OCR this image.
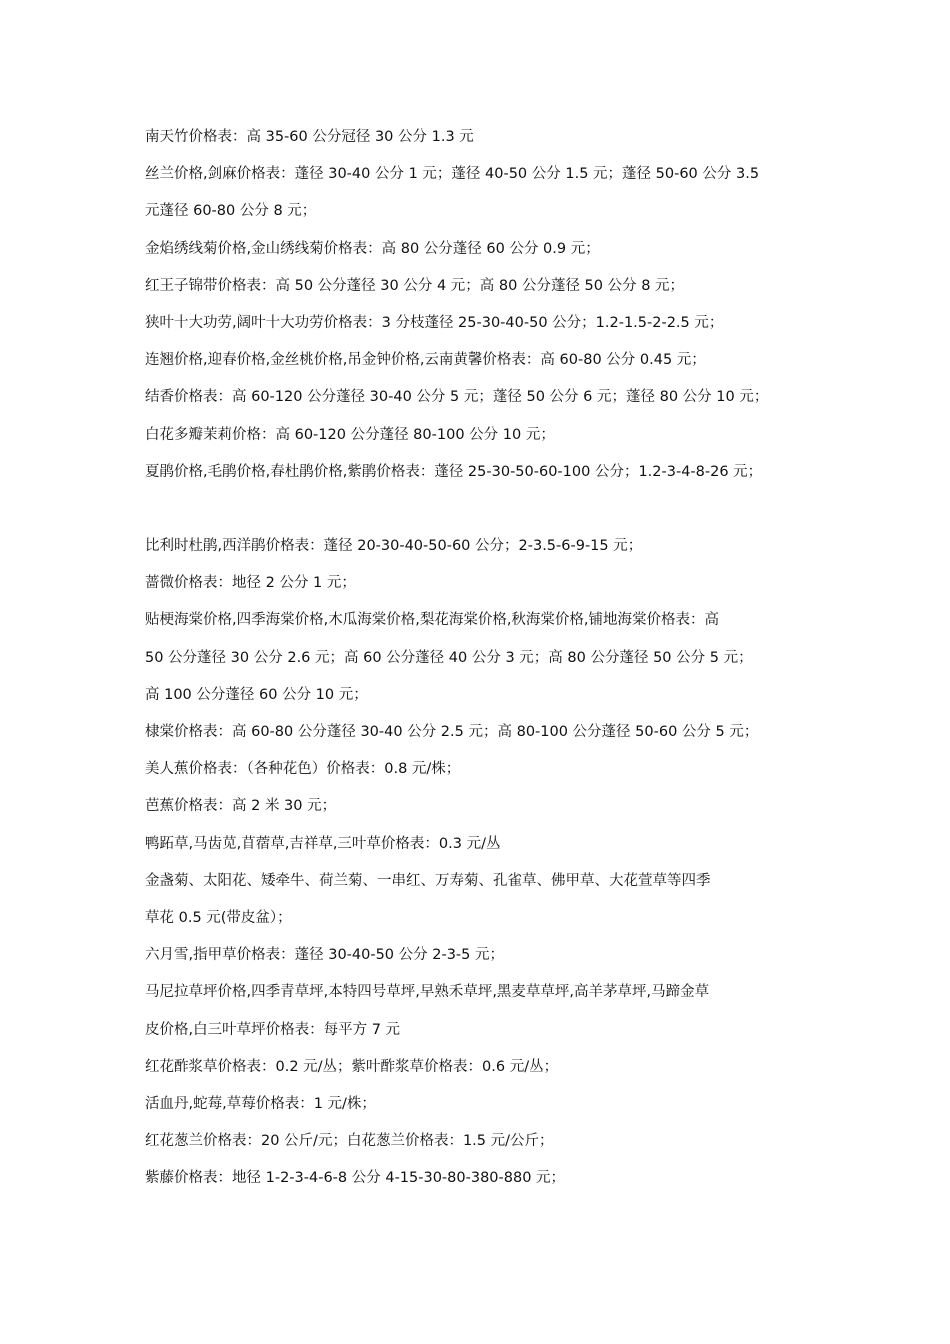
南天竹价格表：高 35-60 公分冠径 30 公分 1.3 元
丝兰价格,剑麻价格表：蓬径 30-40 公分 1 元；蓬径 40-50 公分 1.5 元；蓬径 50-60 公分 3.5
元蓬径 60-80 公分 8 元；
金焰绣线菊价格,金山绣线菊价格表：高 80 公分蓬径 60 公分 0.9 元；
红王子锦带价格表：高 50 公分蓬径 30 公分 4 元；高 80 公分蓬径 50 公分 8 元；
狭叶十大功劳,阔叶十大功劳价格表：3 分枝蓬径 25-30-40-50 公分；1.2-1.5-2-2.5 元；
连翘价格,迎春价格,金丝桃价格,吊金钟价格,云南黄馨价格表：高 60-80 公分 0.45 元；
结香价格表：高 60-120 公分蓬径 30-40 公分 5 元；蓬径 50 公分 6 元；蓬径 80 公分 10 元；
白花多瓣茉莉价格：高 60-120 公分蓬径 80-100 公分 10 元；
夏鹃价格,毛鹃价格,春杜鹃价格,紫鹃价格表：蓬径 25-30-50-60-100 公分；1.2-3-4-8-26 元；
比利时杜鹃,西洋鹃价格表：蓬径 20-30-40-50-60 公分；2-3.5-6-9-15 元；
蔷微价格表：地径 2 公分 1 元；
贴梗海棠价格,四季海棠价格,木瓜海棠价格,梨花海棠价格,秋海棠价格,铺地海棠价格表：高
50 公分蓬径 30 公分 2.6 元；高 60 公分蓬径 40 公分 3 元；高 80 公分蓬径 50 公分 5 元；
高 100 公分蓬径 60 公分 10 元；
棣棠价格表：高 60-80 公分蓬径 30-40 公分 2.5 元；高 80-100 公分蓬径 50-60 公分 5 元；
美人蕉价格表：（各种花色）价格表：0.8 元/株；
芭蕉价格表：高 2 米 30 元；
鸭跖草,马齿苋,苜蓿草,吉祥草,三叶草价格表：0.3 元/丛
金盏菊、太阳花、矮牵牛、荷兰菊、一串红、万寿菊、孔雀草、佛甲草、大花萱草等四季
草花 0.5 元(带皮盆）；
六月雪,指甲草价格表：蓬径 30-40-50 公分 2-3-5 元；
马尼拉草坪价格,四季青草坪,本特四号草坪,早熟禾草坪,黑麦草草坪,高羊茅草坪,马蹄金草
皮价格,白三叶草坪价格表：每平方 7 元
红花酢浆草价格表：0.2 元/丛；紫叶酢浆草价格表：0.6 元/丛；
活血丹,蛇莓,草莓价格表：1 元/株；
红花葱兰价格表：20 公斤/元；白花葱兰价格表：1.5 元/公斤；
紫藤价格表：地径 1-2-3-4-6-8 公分 4-15-30-80-380-880 元；
